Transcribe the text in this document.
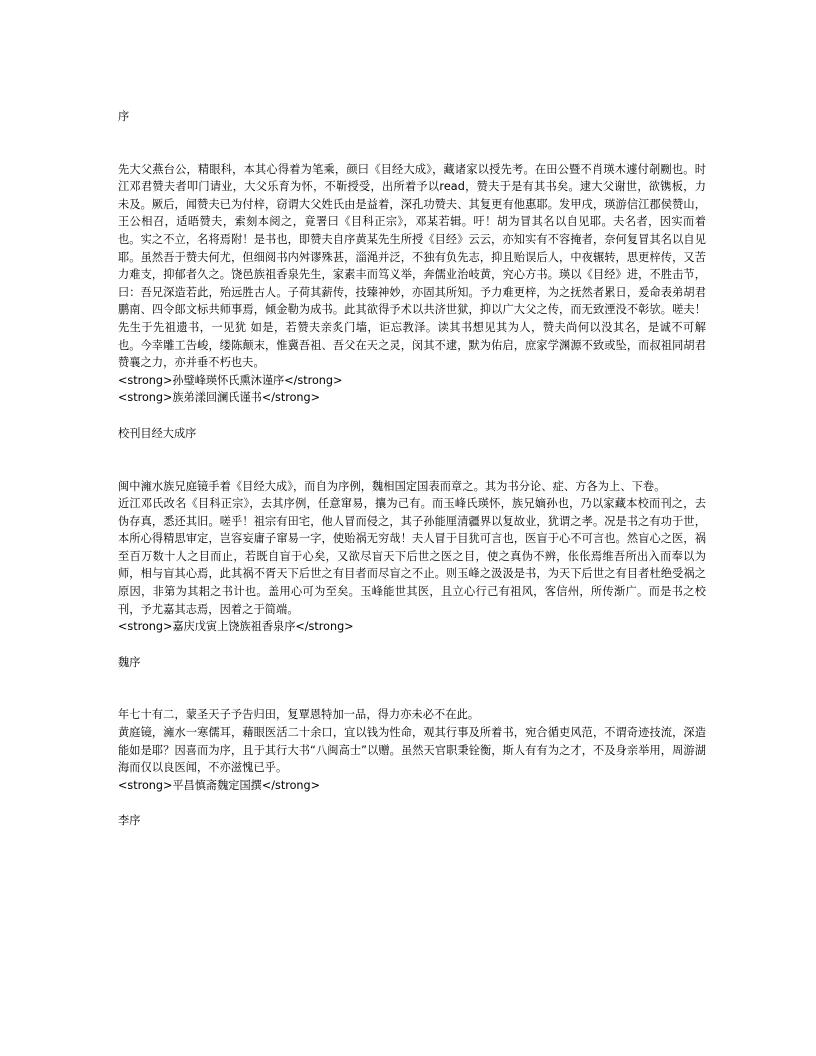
序

先大父燕台公，精眼科，本其心得着为笔乘，颜曰《目经大成》，藏诸家以授先考。在田公暨不肖瑛木遽付剞劂也。时 江邓君赞夫者叩门请业，大父乐育为怀，不靳授受，出所着予以read，赞夫于是有其书矣。逮大父谢世，欲镌板，力未及。厥后，闻赞夫已为付梓，窃谓大父姓氏由是益着，深孔功赞夫、其复更有他惠耶。发甲戌，瑛游信江郡侯赞山，王公相召，适晤赞夫，索刻本阅之，竟署曰《目科正宗》，邓某若辑。吁！胡为冒其名以自见耶。夫名者，因实而着也。实之不立，名将焉附！是书也，即赞夫自序黄某先生所授《目经》云云，亦知实有不容掩者，奈何复冒其名以自见耶。虽然吾于赞夫何尤，但细阅书内舛谬殊甚，淄渑并泛，不独有负先志，抑且贻误后人，中夜辗转，思更梓传，又苦力难支，抑郁者久之。饶邑族祖香泉先生，家素丰而笃义举，奔儒业治岐黄，究心方书。瑛以《目经》进，不胜击节，曰：吾兄深造若此，殆远胜古人。子荷其薪传，技臻神妙，亦固其所知。予力难更梓，为之抚然者累日，爰命表弟胡君鹏南、四令郎文标共师事焉，倾金勒为成书。此其欲得予术以共济世狱，抑以广大父之传，而无致湮没不彰欤。嗟夫！先生于先祖遗书，一见犹 如是，若赞夫亲炙门墙，讵忘教泽。读其书想见其为人，赞夫尚何以没其名，是诚不可解也。今幸雕工告峻，缕陈颠末，惟冀吾祖、吾父在天之灵，闵其不逮，默为佑启，庶家学渊源不致或坠，而叔祖同胡君赞襄之力，亦并垂不朽也夫。

<strong>孙璧峰瑛怀氏熏沐谨序</strong>

<strong>族弟漾回澜氏谨书</strong>

校刊目经大成序

闽中澭水族兄庭镜手着《目经大成》，而自为序例，魏相国定国表而章之。其为书分论、症、方各为上、下卷。

近江邓氏改名《目科正宗》，去其序例，任意窜易，攘为己有。而玉峰氏瑛怀，族兄嫡孙也，乃以家藏本校而刊之，去伪存真，悉还其旧。嗟乎！祖宗有田宅，他人冒而侵之，其子孙能厘清疆界以复故业，犹谓之孝。况是书之有功于世，本所心得精思审定，岂容妄庸子窜易一字，使贻祸无穷哉！夫人冒于目犹可言也，医盲于心不可言也。然盲心之医，祸至百万数十人之目而止，若既自盲于心矣，又欲尽盲天下后世之医之目，使之真伪不辨，伥伥焉维吾所出入而奉以为师，相与盲其心焉，此其祸不胥天下后世之有目者而尽盲之不止。则玉峰之汲汲是书，为天下后世之有目者杜绝受祸之原因，非第为其耜之书计也。盖用心可为至矣。玉峰能世其医，且立心行己有祖风，客信州，所传渐广。而是书之校刊，予尤嘉其志焉，因着之于简端。

<strong>嘉庆戊寅上饶族祖香泉序</strong>

魏序

年七十有二，蒙圣天子予告归田，复覃恩特加一品，得力亦未必不在此。

黄庭镜，澭水一寒儒耳，藉眼医活二十余口，宜以钱为性命，观其行事及所着书，宛合循吏风范，不谓奇迹技流，深造能如是耶？因喜而为序，且于其行大书“八闽高士”以赠。虽然天官职秉铨衡，斯人有有为之才，不及身亲举用，周游湖海而仅以良医闻，不亦滋愧已乎。

<strong>平昌慎斋魏定国撰</strong>

李序
